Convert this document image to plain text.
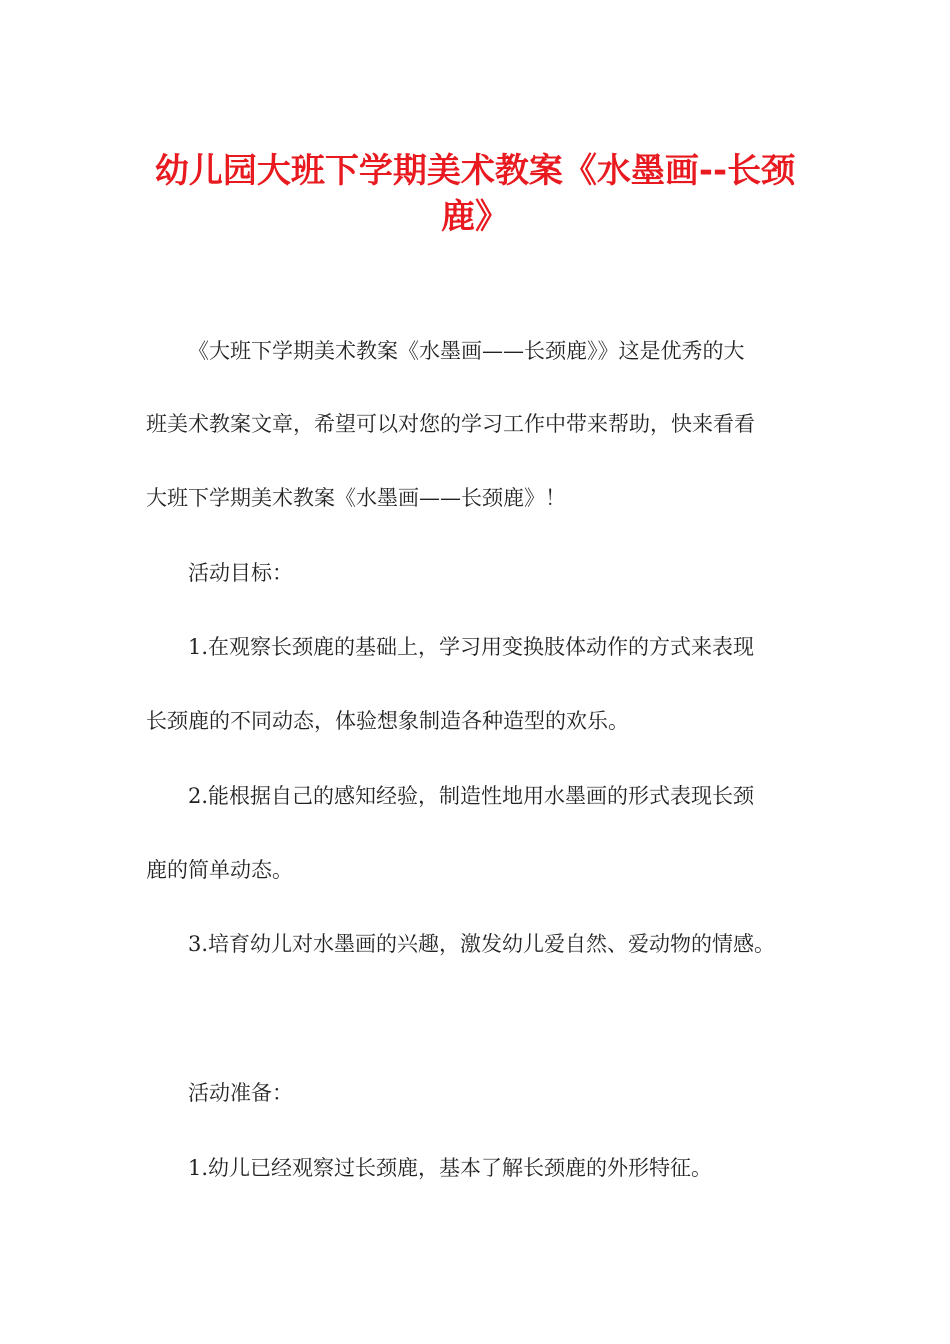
幼儿园大班下学期美术教案《水墨画--长颈
鹿》

《大班下学期美术教案《水墨画——长颈鹿》》这是优秀的大

班美术教案文章，希望可以对您的学习工作中带来帮助，快来看看

大班下学期美术教案《水墨画——长颈鹿》！

活动目标：

1.在观察长颈鹿的基础上，学习用变换肢体动作的方式来表现

长颈鹿的不同动态，体验想象制造各种造型的欢乐。

2.能根据自己的感知经验，制造性地用水墨画的形式表现长颈

鹿的简单动态。

3.培育幼儿对水墨画的兴趣，激发幼儿爱自然、爱动物的情感。

活动准备：

1.幼儿已经观察过长颈鹿，基本了解长颈鹿的外形特征。
